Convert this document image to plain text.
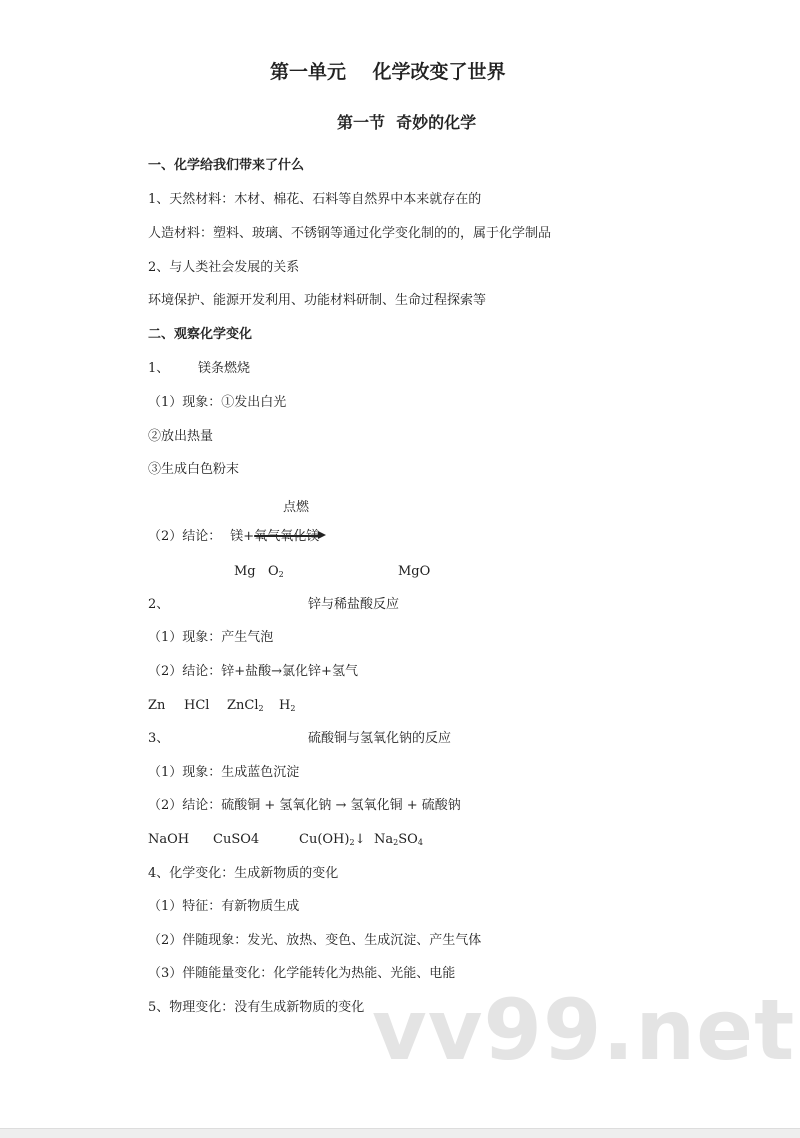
第一单元    化学改变了世界
第一节  奇妙的化学
一、化学给我们带来了什么
1、天然材料：木材、棉花、石料等自然界中本来就存在的
人造材料：塑料、玻璃、不锈钢等通过化学变化制的的，属于化学制品
2、与人类社会发展的关系
环境保护、能源开发利用、功能材料研制、生命过程探索等
二、观察化学变化
1、 镁条燃烧
（1）现象：①发出白光
②放出热量
③生成白色粉末
点燃
（2）结论： 镁+氧气氧化镁
Mg $O_2$	MgO
2、	锌与稀盐酸反应
（1）现象：产生气泡
（2）结论：锌+盐酸→氯化锌+氢气
Zn HCl ZnCl$_2$ $H_2$
3、	硫酸铜与氢氧化钠的反应
（1）现象：生成蓝色沉淀
（2）结论：硫酸铜 + 氢氧化钠 → 氢氧化铜 + 硫酸钠
NaOH CuSO4	$Cu(OH)_2↓$ $Na_2SO_4$
4、化学变化：生成新物质的变化
（1）特征：有新物质生成
（2）伴随现象：发光、放热、变色、生成沉淀、产生气体
（3）伴随能量变化：化学能转化为热能、光能、电能
5、物理变化：没有生成新物质的变化 vv99.net
